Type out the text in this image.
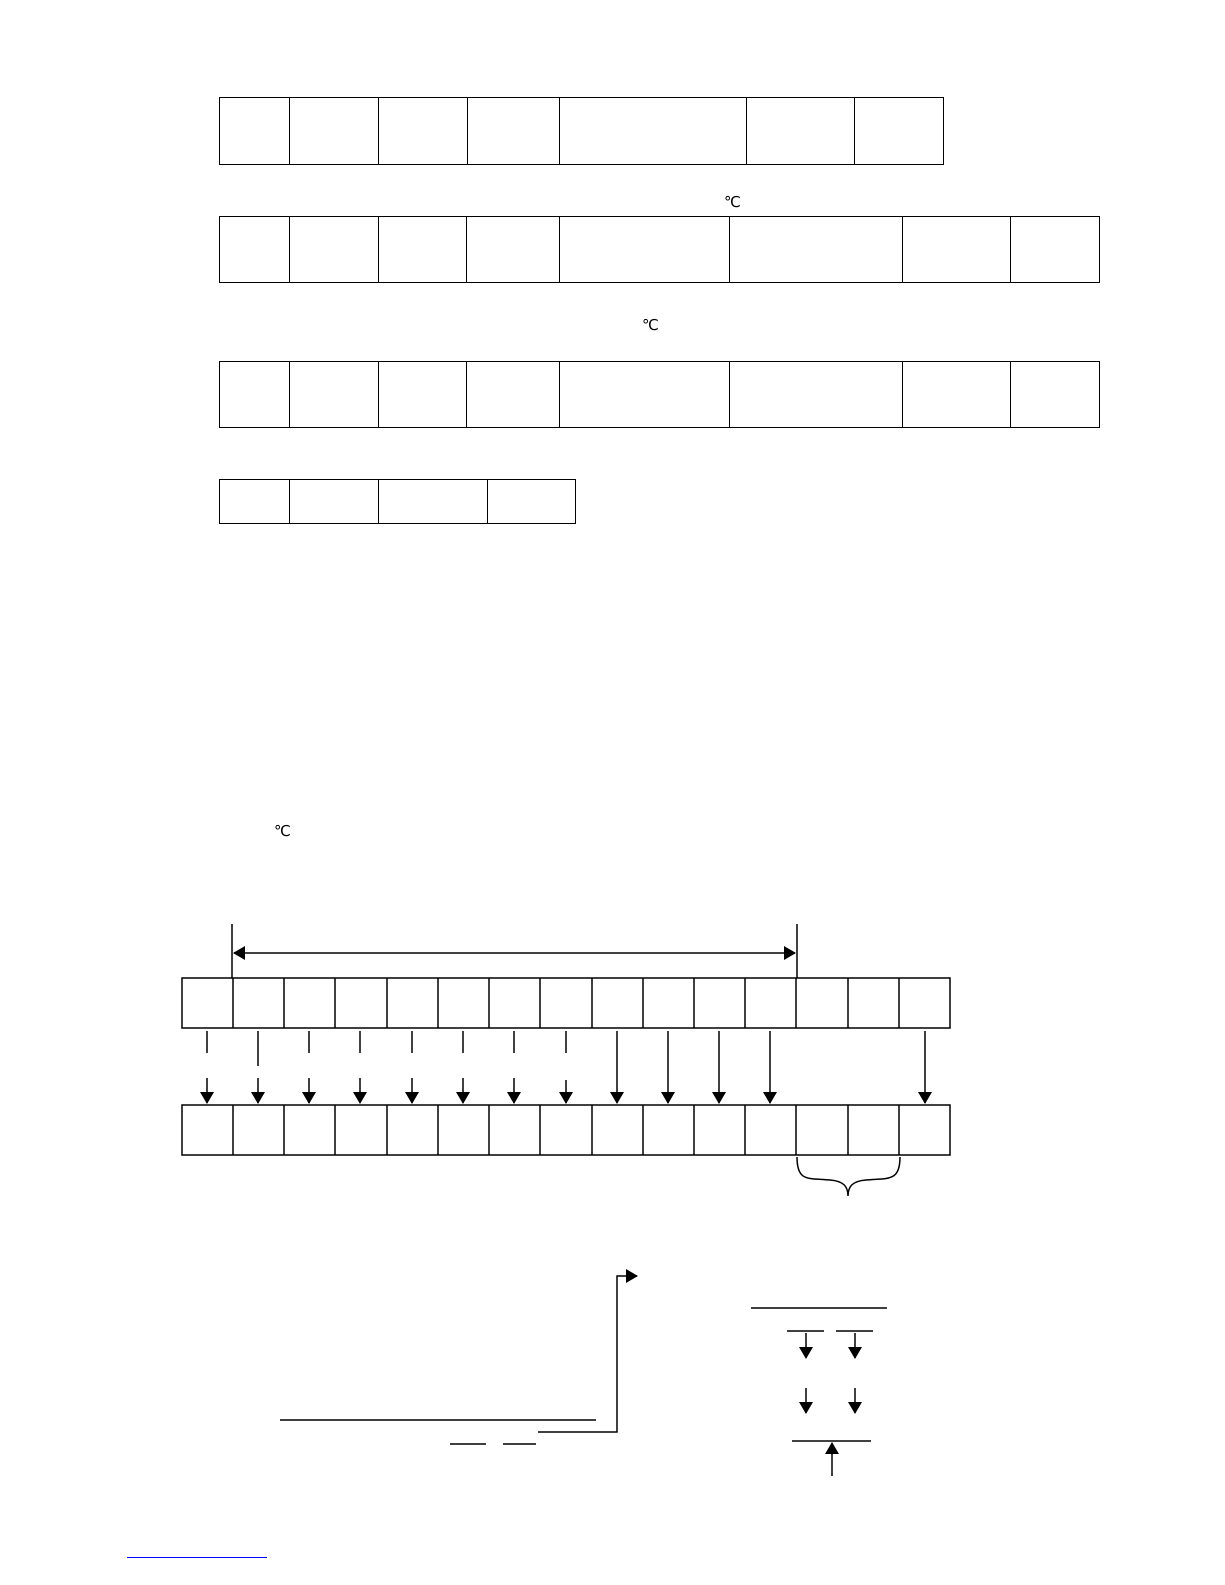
℃

℃

℃
